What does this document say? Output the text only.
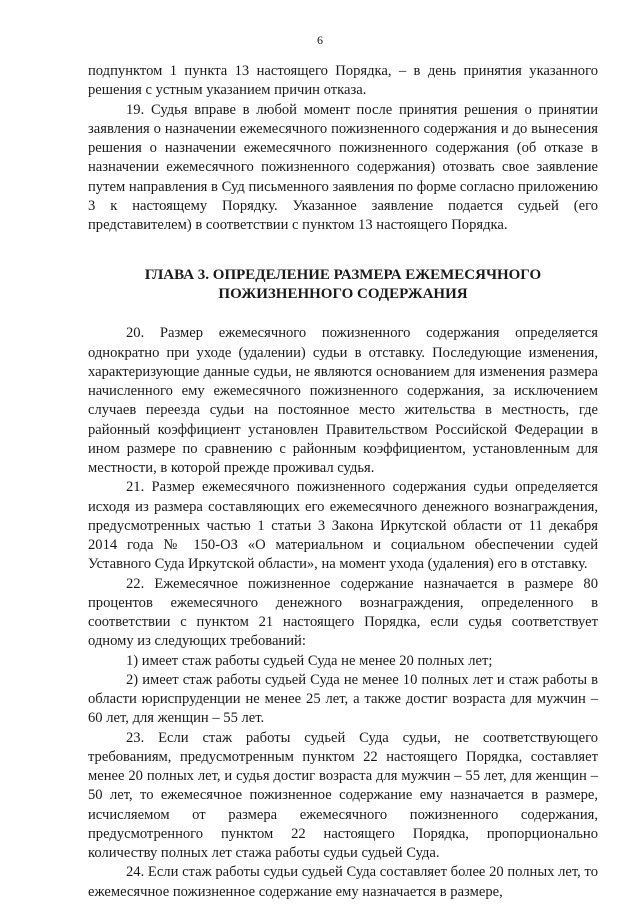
6

подпунктом 1 пункта 13 настоящего Порядка, – в день принятия указанного решения с устным указанием причин отказа.

19. Судья вправе в любой момент после принятия решения о принятии заявления о назначении ежемесячного пожизненного содержания и до вынесения решения о назначении ежемесячного пожизненного содержания (об отказе в назначении ежемесячного пожизненного содержания) отозвать свое заявление путем направления в Суд письменного заявления по форме согласно приложению 3 к настоящему Порядку. Указанное заявление подается судьей (его представителем) в соответствии с пунктом 13 настоящего Порядка.

ГЛАВА 3. ОПРЕДЕЛЕНИЕ РАЗМЕРА ЕЖЕМЕСЯЧНОГО ПОЖИЗНЕННОГО СОДЕРЖАНИЯ

20. Размер ежемесячного пожизненного содержания определяется однократно при уходе (удалении) судьи в отставку. Последующие изменения, характеризующие данные судьи, не являются основанием для изменения размера начисленного ему ежемесячного пожизненного содержания, за исключением случаев переезда судьи на постоянное место жительства в местность, где районный коэффициент установлен Правительством Российской Федерации в ином размере по сравнению с районным коэффициентом, установленным для местности, в которой прежде проживал судья.

21. Размер ежемесячного пожизненного содержания судьи определяется исходя из размера составляющих его ежемесячного денежного вознаграждения, предусмотренных частью 1 статьи 3 Закона Иркутской области от 11 декабря 2014 года № 150-ОЗ «О материальном и социальном обеспечении судей Уставного Суда Иркутской области», на момент ухода (удаления) его в отставку.

22. Ежемесячное пожизненное содержание назначается в размере 80 процентов ежемесячного денежного вознаграждения, определенного в соответствии с пунктом 21 настоящего Порядка, если судья соответствует одному из следующих требований:

1) имеет стаж работы судьей Суда не менее 20 полных лет;

2) имеет стаж работы судьей Суда не менее 10 полных лет и стаж работы в области юриспруденции не менее 25 лет, а также достиг возраста для мужчин – 60 лет, для женщин – 55 лет.

23. Если стаж работы судьей Суда судьи, не соответствующего требованиям, предусмотренным пунктом 22 настоящего Порядка, составляет менее 20 полных лет, и судья достиг возраста для мужчин – 55 лет, для женщин – 50 лет, то ежемесячное пожизненное содержание ему назначается в размере, исчисляемом от размера ежемесячного пожизненного содержания, предусмотренного пунктом 22 настоящего Порядка, пропорционально количеству полных лет стажа работы судьи судьей Суда.

24. Если стаж работы судьи судьей Суда составляет более 20 полных лет, то ежемесячное пожизненное содержание ему назначается в размере,
